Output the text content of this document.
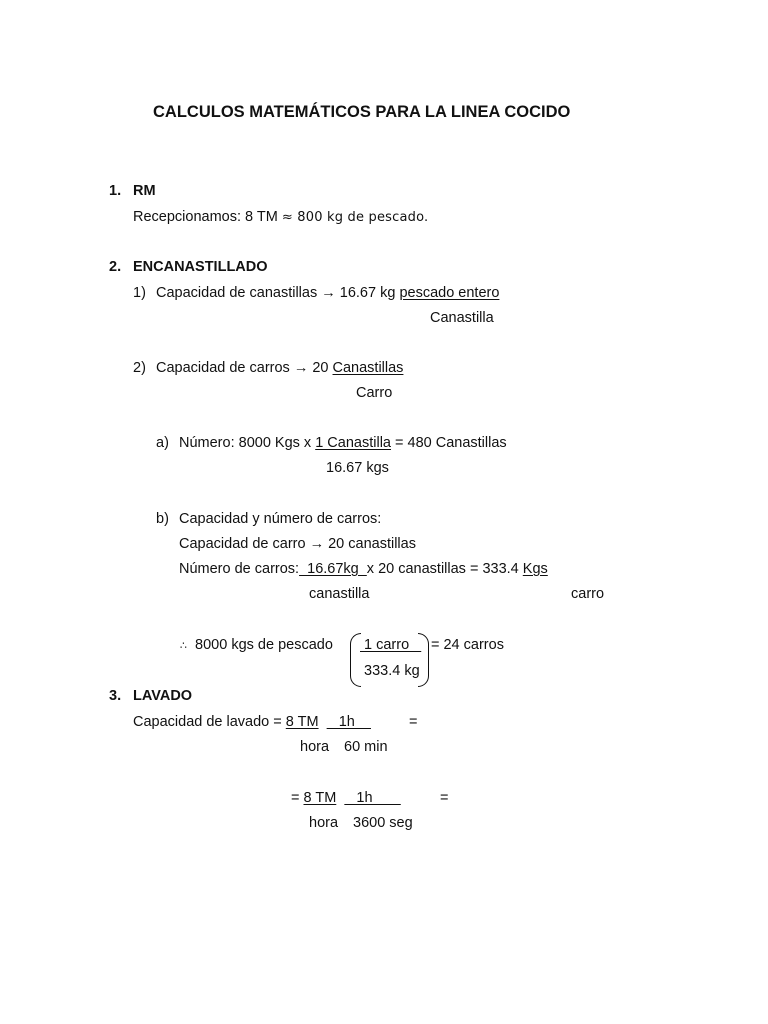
CALCULOS MATEMÁTICOS PARA LA LINEA COCIDO
1. RM
Recepcionamos: 8 TM ≈ 800 kg de pescado.
2. ENCANASTILLADO
1) Capacidad de canastillas → 16.67 kg pescado entero
Canastilla
2) Capacidad de carros → 20 Canastillas
Carro
a) Número: 8000 Kgs x 1 Canastilla = 480 Canastillas
16.67 kgs
b) Capacidad y número de carros:
Capacidad de carro → 20 canastillas
Número de carros:  16.67kg  x 20 canastillas = 333.4 Kgs
canastilla	carro
∴ 8000 kgs de pescado 1 carro = 24 carros
333.4 kg
3. LAVADO
Capacidad de lavado = 8 TM     1h	=
hora 60 min
= 8 TM     1h	=
hora 3600 seg
